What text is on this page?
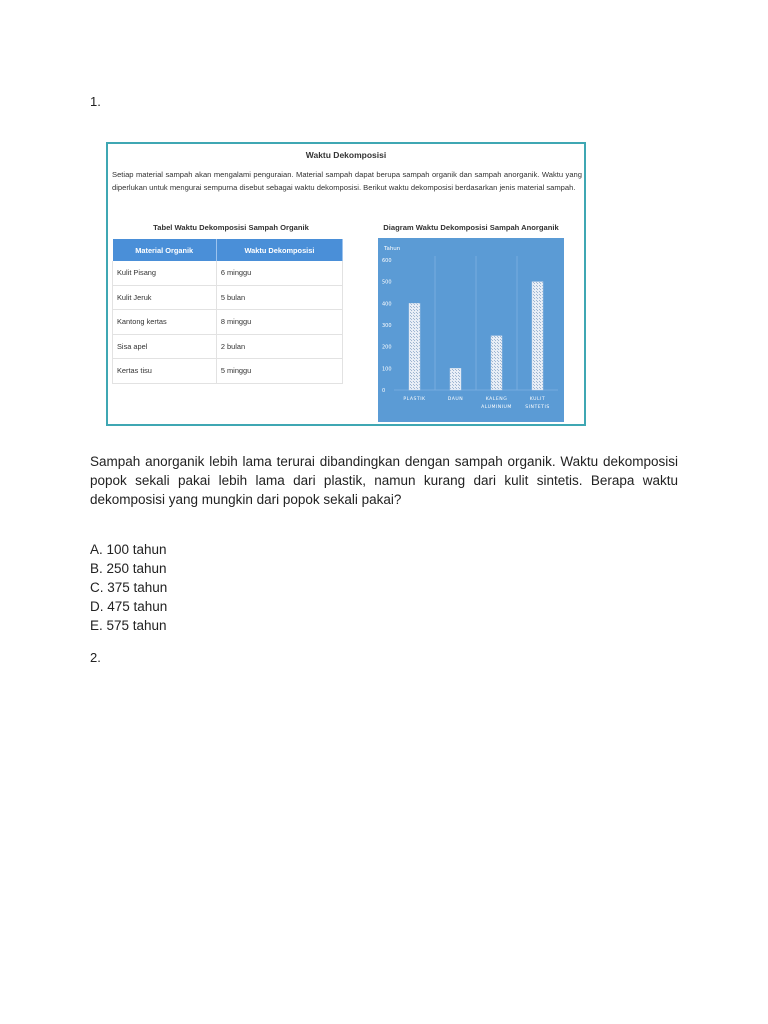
1.
Waktu Dekomposisi
Setiap material sampah akan mengalami penguraian. Material sampah dapat berupa sampah organik dan sampah anorganik. Waktu yang diperlukan untuk mengurai sempurna disebut sebagai waktu dekomposisi. Berikut waktu dekomposisi berdasarkan jenis material sampah.
Tabel Waktu Dekomposisi Sampah Organik
Material Organik	Waktu Dekomposisi
Kulit Pisang	6 minggu
Kulit Jeruk	5 bulan
Kantong kertas	8 minggu
Sisa apel	2 bulan
Kertas tisu	5 minggu
Diagram Waktu Dekomposisi Sampah Anorganik
Tahun
0
100
200
300
400
500
600
PLASTIK	DAUN	KALENG
ALUMINIUM
KULIT
SINTETIS
Sampah anorganik lebih lama terurai dibandingkan dengan sampah organik. Waktu dekomposisi popok sekali pakai lebih lama dari plastik, namun kurang dari kulit sintetis. Berapa waktu dekomposisi yang mungkin dari popok sekali pakai?
A. 100 tahun
B. 250 tahun
C. 375 tahun
D. 475 tahun
E. 575 tahun
2.
